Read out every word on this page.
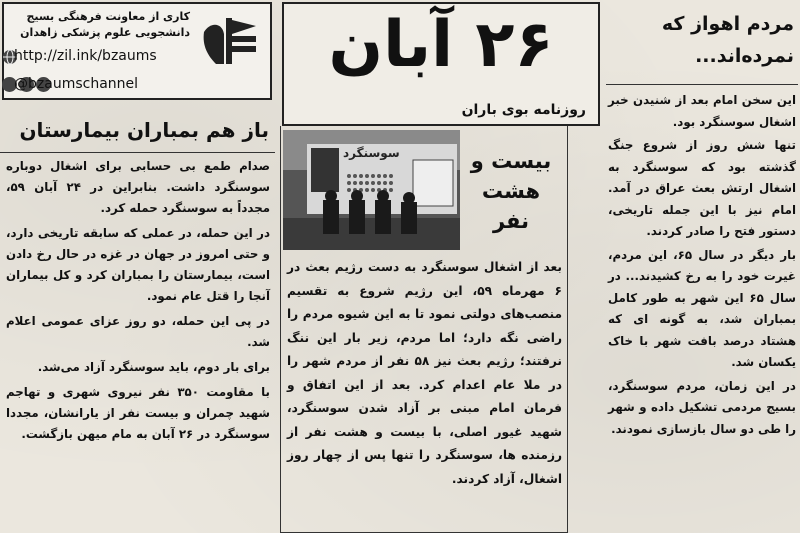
کاری از معاونت فرهنگی بسیج
دانشجویی علوم پزشکی زاهدان
http://zil.ink/bzaums
@bzaumschannel
۲۶ آبان
روزنامه بوی باران
باز هم بمباران بیمارستان

صدام طمع بی حسابی برای اشغال دوباره سوسنگرد داشت. بنابراین در ۲۴ آبان ۵۹، مجدداً به سوسنگرد حمله کرد.

در این حمله، در عملی که سابقه تاریخی دارد، و حتی امروز در جهان در غزه در حال رخ دادن است، بیمارستان را بمباران کرد و کل بیماران آنجا را قتل عام نمود.

در پی این حمله، دو روز عزای عمومی اعلام شد.

برای بار دوم، باید سوسنگرد آزاد می‌شد.

با مقاومت ۳۵۰ نفر نیروی شهری و تهاجم شهید چمران و بیست نفر از یارانشان، مجددا سوسنگرد در ۲۶ آبان به مام میهن بازگشت.

سوسنگرد	بیست و هشت نفر
بعد از اشغال سوسنگرد به دست رژیم بعث در ۶ مهرماه ۵۹، این رژیم شروع به تقسیم منصب‌های دولتی نمود تا به این شیوه مردم را راضی نگه دارد؛ اما مردم، زیر بار این ننگ نرفتند؛ رژیم بعث نیز ۵۸ نفر از مردم شهر را در ملا عام اعدام کرد. بعد از این اتفاق و فرمان امام مبنی بر آزاد شدن سوسنگرد، شهید غیور اصلی، با بیست و هشت نفر از رزمنده ها، سوسنگرد را تنها پس از چهار روز اشغال، آزاد کردند.
مردم اهواز که نمرده‌اند...

این سخن امام بعد از شنیدن خبر اشغال سوسنگرد بود.

تنها شش روز از شروع جنگ گذشته بود که سوسنگرد به اشغال ارتش بعث عراق در آمد. امام نیز با این جمله تاریخی، دستور فتح را صادر کردند.

بار دیگر در سال ۶۵، این مردم، غیرت خود را به رخ کشیدند... در سال ۶۵ این شهر به طور کامل بمباران شد، به گونه ای که هشتاد درصد بافت شهر با خاک یکسان شد.

در این زمان، مردم سوسنگرد، بسیج مردمی تشکیل داده و شهر را طی دو سال بازسازی نمودند.
